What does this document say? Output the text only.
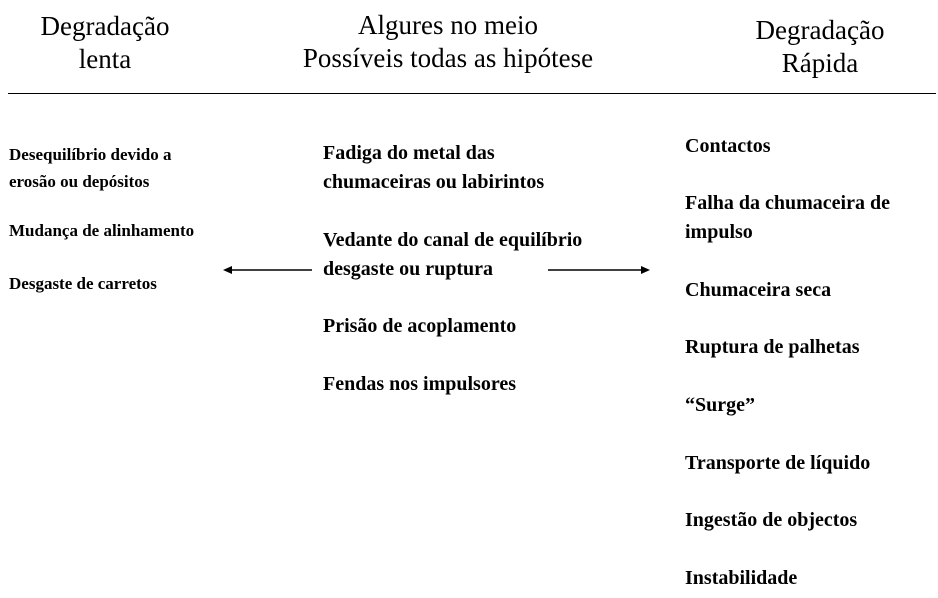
Degradação
lenta
Algures no meio
Possíveis todas as hipótese
Degradação
Rápida
Desequilíbrio devido a
erosão ou depósitos
Mudança de alinhamento
Desgaste de carretos
Fadiga do metal das
chumaceiras ou labirintos
Vedante do canal de equilíbrio
desgaste ou ruptura
Prisão de acoplamento
Fendas nos impulsores
Contactos
Falha da chumaceira de
impulso
Chumaceira seca
Ruptura de palhetas
“Surge”
Transporte de líquido
Ingestão de objectos
Instabilidade
